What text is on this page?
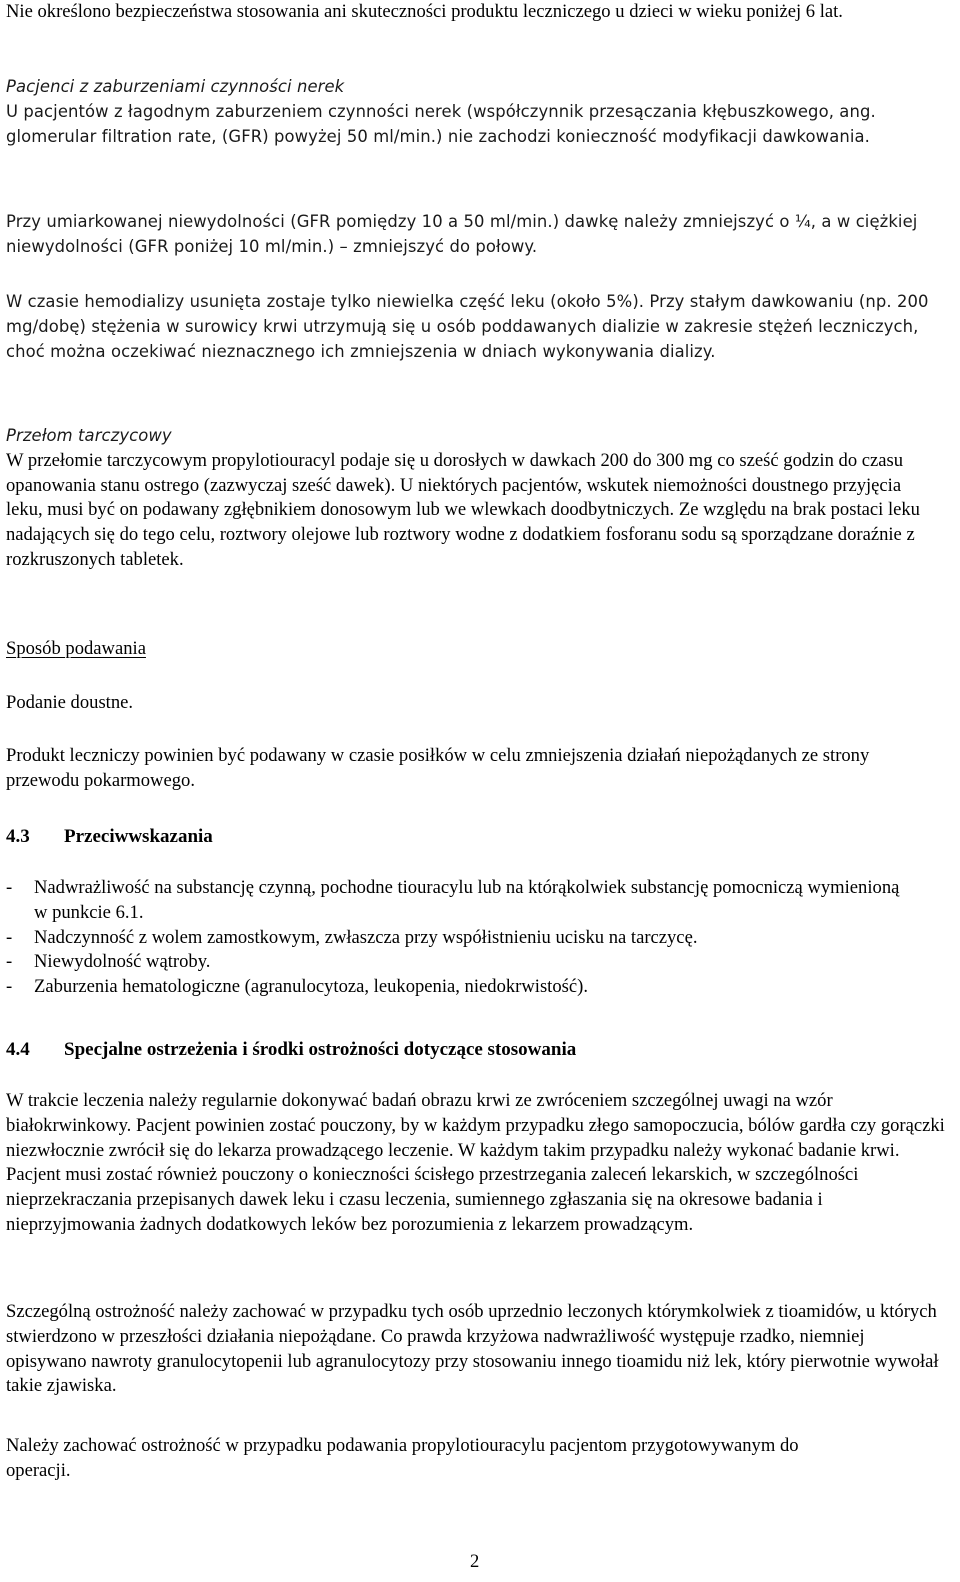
Nie określono bezpieczeństwa stosowania ani skuteczności produktu leczniczego u dzieci w wieku poniżej 6 lat.

Pacjenci z zaburzeniami czynności nerek

U pacjentów z łagodnym zaburzeniem czynności nerek (współczynnik przesączania kłębuszkowego, ang. glomerular filtration rate, (GFR) powyżej 50 ml/min.) nie zachodzi konieczność modyfikacji dawkowania.

Przy umiarkowanej niewydolności (GFR pomiędzy 10 a 50 ml/min.) dawkę należy zmniejszyć o ¼, a w ciężkiej niewydolności (GFR poniżej 10 ml/min.) – zmniejszyć do połowy.

W czasie hemodializy usunięta zostaje tylko niewielka część leku (około 5%). Przy stałym dawkowaniu (np. 200 mg/dobę) stężenia w surowicy krwi utrzymują się u osób poddawanych dializie w zakresie stężeń leczniczych, choć można oczekiwać nieznacznego ich zmniejszenia w dniach wykonywania dializy.

Przełom tarczycowy

W przełomie tarczycowym propylotiouracyl podaje się u dorosłych w dawkach 200 do 300 mg co sześć godzin do czasu opanowania stanu ostrego (zazwyczaj sześć dawek). U niektórych pacjentów, wskutek niemożności doustnego przyjęcia leku, musi być on podawany zgłębnikiem donosowym lub we wlewkach doodbytniczych. Ze względu na brak postaci leku nadających się do tego celu, roztwory olejowe lub roztwory wodne z dodatkiem fosforanu sodu są sporządzane doraźnie z rozkruszonych tabletek.

Sposób podawania

Podanie doustne.

Produkt leczniczy powinien być podawany w czasie posiłków w celu zmniejszenia działań niepożądanych ze strony przewodu pokarmowego.

4.3 Przeciwwskazania

- Nadwrażliwość na substancję czynną, pochodne tiouracylu lub na którąkolwiek substancję pomocniczą wymienioną w punkcie 6.1.
- Nadczynność z wolem zamostkowym, zwłaszcza przy współistnieniu ucisku na tarczycę.
- Niewydolność wątroby.
- Zaburzenia hematologiczne (agranulocytoza, leukopenia, niedokrwistość).

4.4 Specjalne ostrzeżenia i środki ostrożności dotyczące stosowania

W trakcie leczenia należy regularnie dokonywać badań obrazu krwi ze zwróceniem szczególnej uwagi na wzór białokrwinkowy. Pacjent powinien zostać pouczony, by w każdym przypadku złego samopoczucia, bólów gardła czy gorączki niezwłocznie zwrócił się do lekarza prowadzącego leczenie. W każdym takim przypadku należy wykonać badanie krwi. Pacjent musi zostać również pouczony o konieczności ścisłego przestrzegania zaleceń lekarskich, w szczególności nieprzekraczania przepisanych dawek leku i czasu leczenia, sumiennego zgłaszania się na okresowe badania i nieprzyjmowania żadnych dodatkowych leków bez porozumienia z lekarzem prowadzącym.

Szczególną ostrożność należy zachować w przypadku tych osób uprzednio leczonych którymkolwiek z tioamidów, u których stwierdzono w przeszłości działania niepożądane. Co prawda krzyżowa nadwrażliwość występuje rzadko, niemniej opisywano nawroty granulocytopenii lub agranulocytozy przy stosowaniu innego tioamidu niż lek, który pierwotnie wywołał takie zjawiska.

Należy zachować ostrożność w przypadku podawania propylotiouracylu pacjentom przygotowywanym do operacji.

2
